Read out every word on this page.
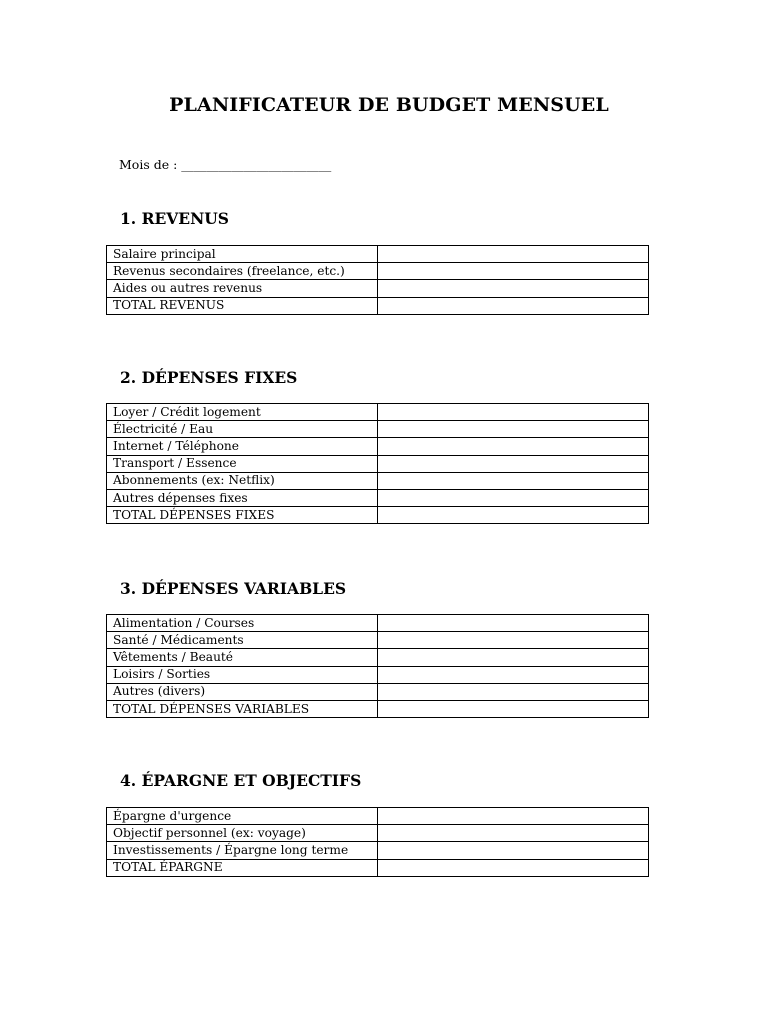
PLANIFICATEUR DE BUDGET MENSUEL
Mois de : ________________________
1. REVENUS
Salaire principal	
Revenus secondaires (freelance, etc.)	
Aides ou autres revenus	
TOTAL REVENUS	
2. DÉPENSES FIXES
Loyer / Crédit logement	
Électricité / Eau	
Internet / Téléphone	
Transport / Essence	
Abonnements (ex: Netflix)	
Autres dépenses fixes	
TOTAL DÉPENSES FIXES	
3. DÉPENSES VARIABLES
Alimentation / Courses	
Santé / Médicaments	
Vêtements / Beauté	
Loisirs / Sorties	
Autres (divers)	
TOTAL DÉPENSES VARIABLES	
4. ÉPARGNE ET OBJECTIFS
Épargne d'urgence	
Objectif personnel (ex: voyage)	
Investissements / Épargne long terme	
TOTAL ÉPARGNE	
